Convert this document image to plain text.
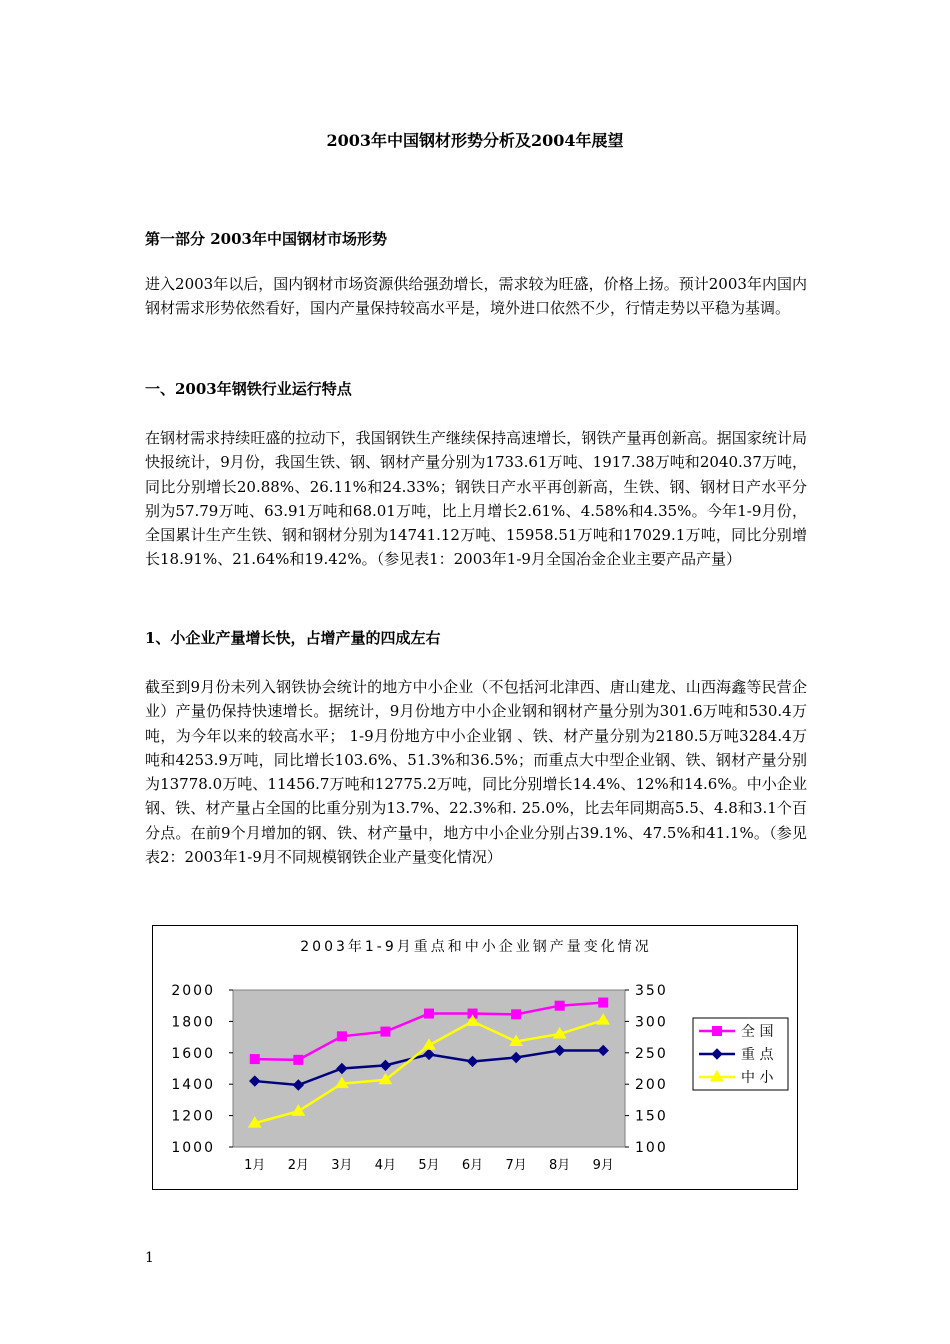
2003年中国钢材形势分析及2004年展望
第一部分 2003年中国钢材市场形势
进入2003年以后，国内钢材市场资源供给强劲增长，需求较为旺盛，价格上扬。预计2003年内国内钢材需求形势依然看好，国内产量保持较高水平是，境外进口依然不少，行情走势以平稳为基调。
一、2003年钢铁行业运行特点
在钢材需求持续旺盛的拉动下，我国钢铁生产继续保持高速增长，钢铁产量再创新高。据国家统计局快报统计，9月份，我国生铁、钢、钢材产量分别为1733.61万吨、1917.38万吨和2040.37万吨，同比分别增长20.88%、26.11%和24.33%；钢铁日产水平再创新高，生铁、钢、钢材日产水平分别为57.79万吨、63.91万吨和68.01万吨，比上月增长2.61%、4.58%和4.35%。今年1-9月份，全国累计生产生铁、钢和钢材分别为14741.12万吨、15958.51万吨和17029.1万吨，同比分别增长18.91%、21.64%和19.42%。（参见表1：2003年1-9月全国冶金企业主要产品产量）
1、小企业产量增长快，占增产量的四成左右
截至到9月份未列入钢铁协会统计的地方中小企业（不包括河北津西、唐山建龙、山西海鑫等民营企业）产量仍保持快速增长。据统计，9月份地方中小企业钢和钢材产量分别为301.6万吨和530.4万吨，为今年以来的较高水平； 1-9月份地方中小企业钢 、铁、材产量分别为2180.5万吨3284.4万吨和4253.9万吨，同比增长103.6%、51.3%和36.5%；而重点大中型企业钢、铁、钢材产量分别为13778.0万吨、11456.7万吨和12775.2万吨，同比分别增长14.4%、12%和14.6%。中小企业钢、铁、材产量占全国的比重分别为13.7%、22.3%和. 25.0%，比去年同期高5.5、4.8和3.1个百分点。在前9个月增加的钢、铁、材产量中，地方中小企业分别占39.1%、47.5%和41.1%。（参见表2：2003年1-9月不同规模钢铁企业产量变化情况）
2003年1-9月重点和中小企业钢产量变化情况
2000
1800
1600
1400
1200
1000
350
300
250
200
150
100
1月 2月 3月 4月 5月 6月 7月 8月 9月
全 国
重 点
中 小
1
